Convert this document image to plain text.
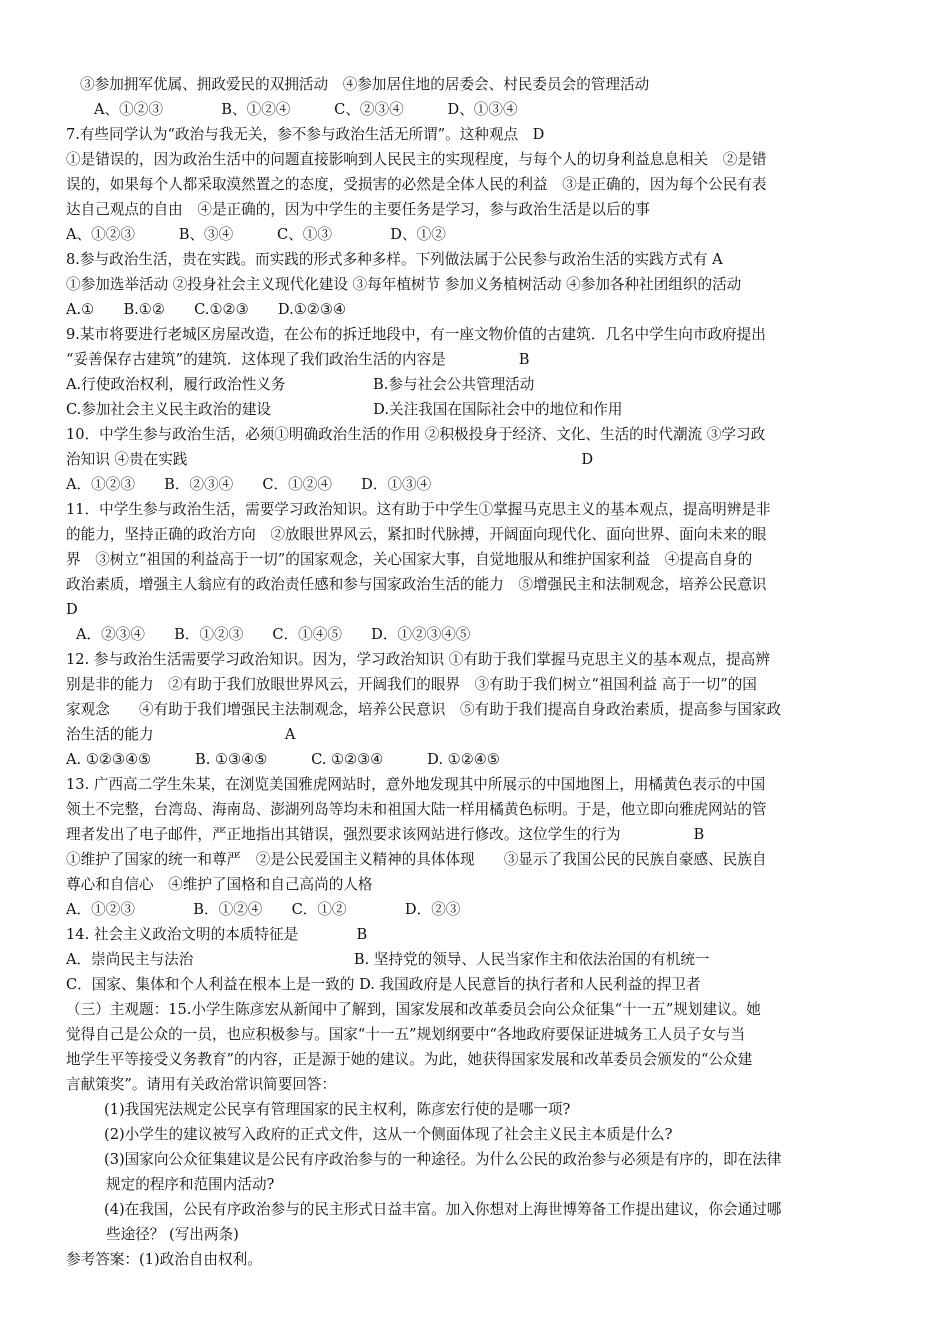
③参加拥军优属、拥政爱民的双拥活动　④参加居住地的居委会、村民委员会的管理活动
A、①②③　　　　B、①②④　　　C、②③④　　　D、①③④
7.有些同学认为“政治与我无关，参不参与政治生活无所谓”。这种观点　D
①是错误的，因为政治生活中的问题直接影响到人民民主的实现程度，与每个人的切身利益息息相关　②是错
误的，如果每个人都采取漠然置之的态度，受损害的必然是全体人民的利益　③是正确的，因为每个公民有表
达自己观点的自由　④是正确的，因为中学生的主要任务是学习，参与政治生活是以后的事
A、①②③　　　B、③④　　　C、①③　　　　D、①②
8.参与政治生活，贵在实践。而实践的形式多种多样。下列做法属于公民参与政治生活的实践方式有 A
①参加选举活动 ②投身社会主义现代化建设 ③每年植树节 参加义务植树活动 ④参加各种社团组织的活动
A.①　　B.①②　　C.①②③　　D.①②③④
9.某市将要进行老城区房屋改造，在公布的拆迁地段中，有一座文物价值的古建筑．几名中学生向市政府提出
“妥善保存古建筑”的建筑．这体现了我们政治生活的内容是　　　　　B
A.行使政治权利，履行政治性义务　　　　　　B.参与社会公共管理活动
C.参加社会主义民主政治的建设　　　　　　　D.关注我国在国际社会中的地位和作用
10．中学生参与政治生活，必须①明确政治生活的作用 ②积极投身于经济、文化、生活的时代潮流 ③学习政
治知识 ④贵在实践　　　　　　　　　　　　　　　　　　　　　　　　　　　D
A．①②③　　B．②③④　　C．①②④　　D．①③④
11．中学生参与政治生活，需要学习政治知识。这有助于中学生①掌握马克思主义的基本观点，提高明辨是非
的能力，坚持正确的政治方向　②放眼世界风云，紧扣时代脉搏，开阔面向现代化、面向世界、面向未来的眼
界　③树立“祖国的利益高于一切”的国家观念，关心国家大事，自觉地服从和维护国家利益　④提高自身的
政治素质，增强主人翁应有的政治责任感和参与国家政治生活的能力　⑤增强民主和法制观念，培养公民意识
D
A．②③④　　B．①②③　　C．①④⑤　　D．①②③④⑤
12. 参与政治生活需要学习政治知识。因为，学习政治知识 ①有助于我们掌握马克思主义的基本观点，提高辨
别是非的能力　②有助于我们放眼世界风云，开阔我们的眼界　③有助于我们树立“祖国利益 高于一切”的国
家观念　　④有助于我们增强民主法制观念，培养公民意识　⑤有助于我们提高自身政治素质，提高参与国家政
治生活的能力　　　　　　　　　A
A. ①②③④⑤　　　B. ①③④⑤　　　C. ①②③④　　　D. ①②④⑤
13. 广西高二学生朱某，在浏览美国雅虎网站时，意外地发现其中所展示的中国地图上，用橘黄色表示的中国
领土不完整，台湾岛、海南岛、澎湖列岛等均未和祖国大陆一样用橘黄色标明。于是，他立即向雅虎网站的管
理者发出了电子邮件，严正地指出其错误，强烈要求该网站进行修改。这位学生的行为　　　　　B
①维护了国家的统一和尊严　②是公民爱国主义精神的具体体现　　③显示了我国公民的民族自豪感、民族自
尊心和自信心　④维护了国格和自己高尚的人格
A．①②③　　　　B．①②④　　C．①②　　　　D．②③
14. 社会主义政治文明的本质特征是　　　　B
A．崇尚民主与法治　　　　　　　　　　　B. 坚持党的领导、人民当家作主和依法治国的有机统一
C．国家、集体和个人利益在根本上是一致的 D. 我国政府是人民意旨的执行者和人民利益的捍卫者
（三）主观题：15.小学生陈彦宏从新闻中了解到，国家发展和改革委员会向公众征集“十一五”规划建议。她
觉得自己是公众的一员，也应积极参与。国家“十一五”规划纲要中“各地政府要保证进城务工人员子女与当
地学生平等接受义务教育”的内容，正是源于她的建议。为此，她获得国家发展和改革委员会颁发的“公众建
言献策奖”。请用有关政治常识简要回答：
(1)我国宪法规定公民享有管理国家的民主权利，陈彦宏行使的是哪一项?
(2)小学生的建议被写入政府的正式文件，这从一个侧面体现了社会主义民主本质是什么?
(3)国家向公众征集建议是公民有序政治参与的一种途径。为什么公民的政治参与必须是有序的，即在法律
规定的程序和范围内活动?
(4)在我国，公民有序政治参与的民主形式日益丰富。加入你想对上海世博筹备工作提出建议，你会通过哪
些途径？ (写出两条)
参考答案：(1)政治自由权利。
